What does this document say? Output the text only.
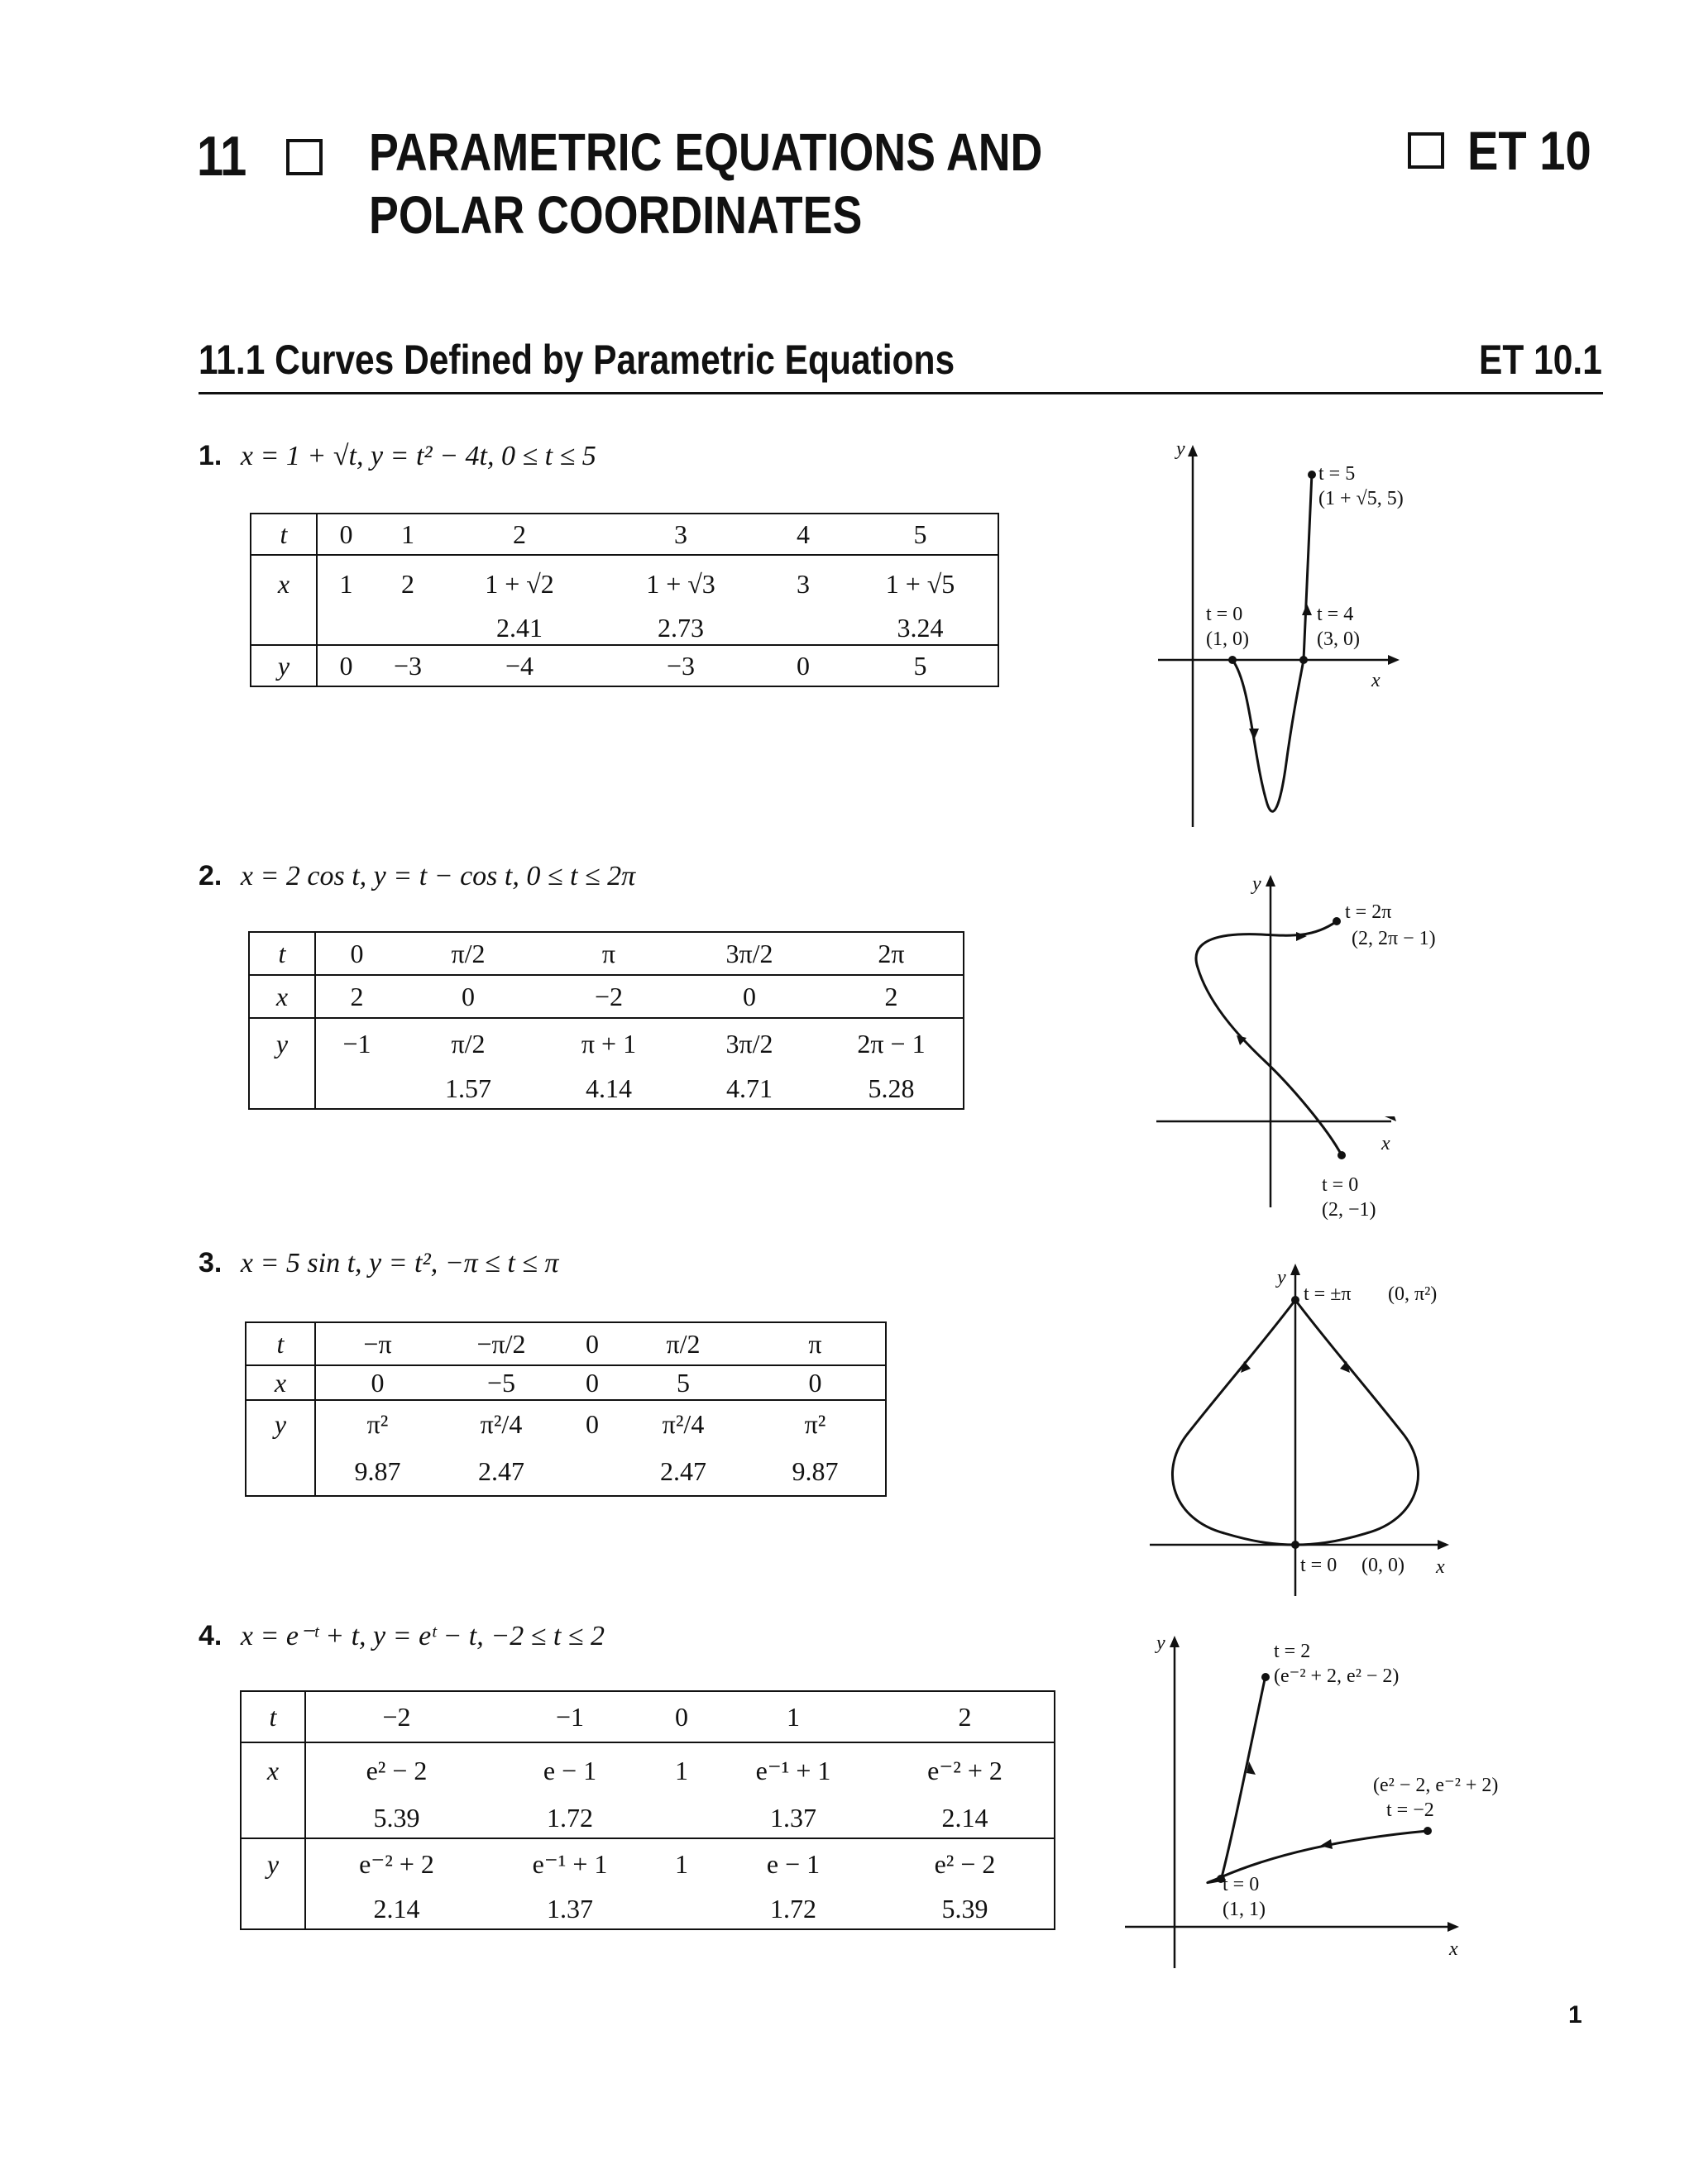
11 PARAMETRIC EQUATIONS AND
POLAR COORDINATES
ET 10
11.1 Curves Defined by Parametric Equations	ET 10.1
1. x = 1 + √t, y = t² − 4t, 0 ≤ t ≤ 5
t	0	1	2	3	4	5
x	1	2	1 + √2	1 + √3	3	1 + √5
			2.41	2.73		3.24
y	0	−3	−4	−3	0	5
y
x
t = 5
(1 + √5, 5)
t = 0
(1, 0)
t = 4
(3, 0)
2. x = 2 cos t, y = t − cos t, 0 ≤ t ≤ 2π
t	0	π/2	π	3π/2	2π
x	2	0	−2	0	2
y	−1	π/2	π + 1	3π/2	2π − 1
		1.57	4.14	4.71	5.28
y
x
t = 2π
(2, 2π − 1)
t = 0
(2, −1)
3. x = 5 sin t, y = t², −π ≤ t ≤ π
t	−π	−π/2	0	π/2	π
x	0	−5	0	5	0
y	π²	π²/4	0	π²/4	π²
	9.87	2.47		2.47	9.87
y
x
t = ±π (0, π²)
t = 0 (0, 0)
4. x = e⁻ᵗ + t, y = eᵗ − t, −2 ≤ t ≤ 2
t	−2	−1	0	1	2
x	e² − 2	e − 1	1	e⁻¹ + 1	e⁻² + 2
	5.39	1.72		1.37	2.14
y	e⁻² + 2	e⁻¹ + 1	1	e − 1	e² − 2
	2.14	1.37		1.72	5.39
y
x
t = 2
(e⁻² + 2, e² − 2)
(e² − 2, e⁻² + 2)
t = −2
t = 0
(1, 1)
1
